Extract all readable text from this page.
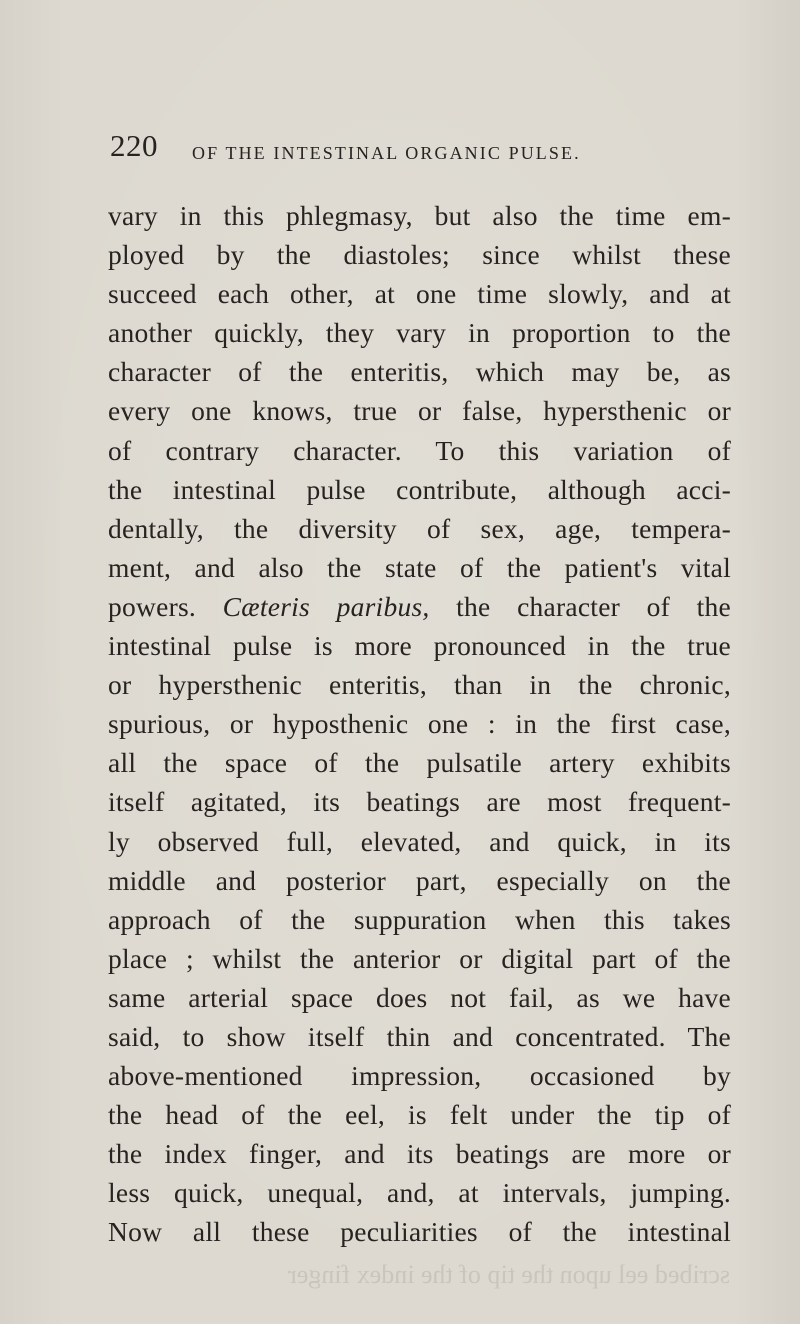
220 OF THE INTESTINAL ORGANIC PULSE.
vary in this phlegmasy, but also the time em-
ployed by the diastoles; since whilst these
succeed each other, at one time slowly, and at
another quickly, they vary in proportion to the
character of the enteritis, which may be, as
every one knows, true or false, hypersthenic or
of contrary character. To this variation of
the intestinal pulse contribute, although acci-
dentally, the diversity of sex, age, tempera-
ment, and also the state of the patient's vital
powers. Cæteris paribus, the character of the
intestinal pulse is more pronounced in the true
or hypersthenic enteritis, than in the chronic,
spurious, or hyposthenic one : in the first case,
all the space of the pulsatile artery exhibits
itself agitated, its beatings are most frequent-
ly observed full, elevated, and quick, in its
middle and posterior part, especially on the
approach of the suppuration when this takes
place ; whilst the anterior or digital part of the
same arterial space does not fail, as we have
said, to show itself thin and concentrated. The
above-mentioned impression, occasioned by
the head of the eel, is felt under the tip of
the index finger, and its beatings are more or
less quick, unequal, and, at intervals, jumping.
Now all these peculiarities of the intestinal
scribed eel upon the tip of the index finger
